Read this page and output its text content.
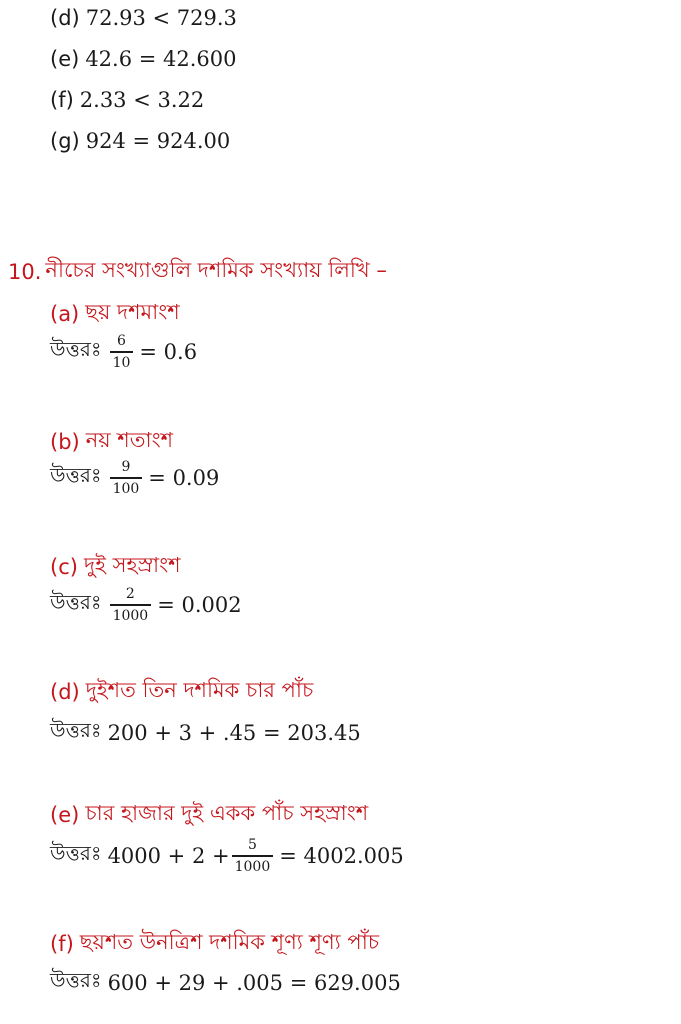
(d) 72.93 < 729.3
(e) 42.6 = 42.600
(f) 2.33 < 3.22
(g) 924 = 924.00
10. নীচের সংখ্যাগুলি দশমিক সংখ্যায় লিখি –
(a) ছয় দশমাংশ
উত্তরঃ $\frac{6}{10} = 0.6$
(b) নয় শতাংশ
উত্তরঃ $\frac{9}{100} = 0.09$
(c) দুই সহস্রাংশ
উত্তরঃ $\frac{2}{1000} = 0.002$
(d) দুইশত তিন দশমিক চার পাঁচ
উত্তরঃ 200 + 3 + .45 = 203.45
(e) চার হাজার দুই একক পাঁচ সহস্রাংশ
উত্তরঃ $4000 + 2 + \frac{5}{1000} = 4002.005$
(f) ছয়শত উনত্রিশ দশমিক শূণ্য শূণ্য পাঁচ
উত্তরঃ 600 + 29 + .005 = 629.005
